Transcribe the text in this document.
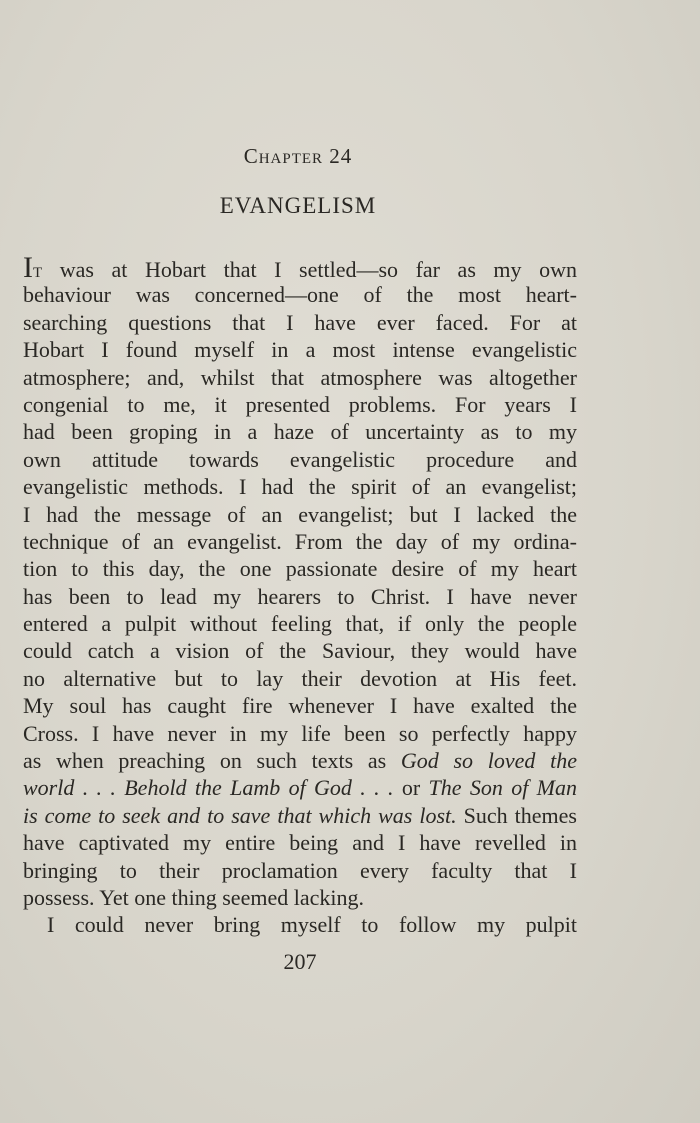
Chapter 24
EVANGELISM
It was at Hobart that I settled—so far as my own
behaviour was concerned—one of the most heart-
searching questions that I have ever faced. For at
Hobart I found myself in a most intense evangelistic
atmosphere; and, whilst that atmosphere was altogether
congenial to me, it presented problems. For years I
had been groping in a haze of uncertainty as to my
own attitude towards evangelistic procedure and
evangelistic methods. I had the spirit of an evangelist;
I had the message of an evangelist; but I lacked the
technique of an evangelist. From the day of my ordina-
tion to this day, the one passionate desire of my heart
has been to lead my hearers to Christ. I have never
entered a pulpit without feeling that, if only the people
could catch a vision of the Saviour, they would have
no alternative but to lay their devotion at His feet.
My soul has caught fire whenever I have exalted the
Cross. I have never in my life been so perfectly happy
as when preaching on such texts as God so loved the
world . . . Behold the Lamb of God . . . or The Son of Man
is come to seek and to save that which was lost. Such themes
have captivated my entire being and I have revelled in
bringing to their proclamation every faculty that I
possess. Yet one thing seemed lacking.
I could never bring myself to follow my pulpit
207
